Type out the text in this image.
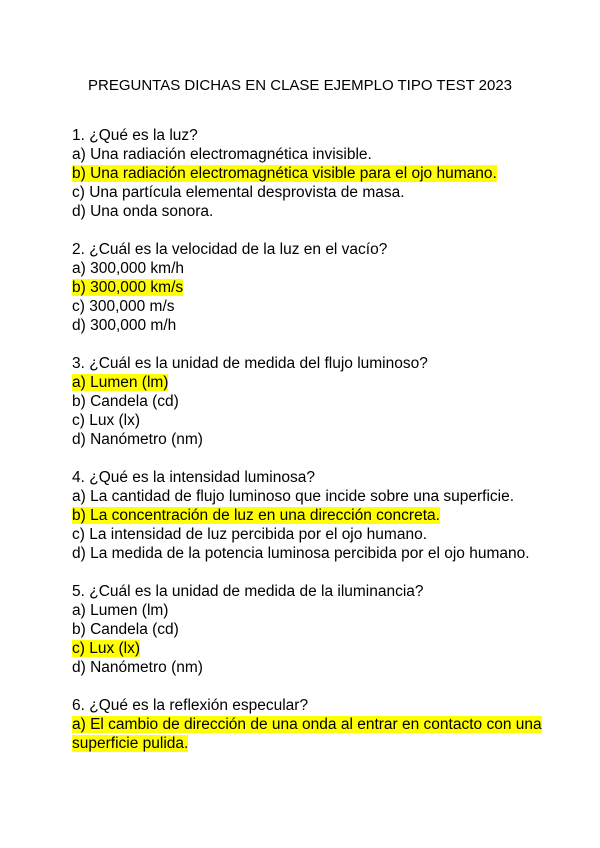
PREGUNTAS DICHAS EN CLASE EJEMPLO TIPO TEST 2023
1. ¿Qué es la luz?
a) Una radiación electromagnética invisible.
b) Una radiación electromagnética visible para el ojo humano.
c) Una partícula elemental desprovista de masa.
d) Una onda sonora.
2. ¿Cuál es la velocidad de la luz en el vacío?
a) 300,000 km/h
b) 300,000 km/s
c) 300,000 m/s
d) 300,000 m/h
3. ¿Cuál es la unidad de medida del flujo luminoso?
a) Lumen (lm)
b) Candela (cd)
c) Lux (lx)
d) Nanómetro (nm)
4. ¿Qué es la intensidad luminosa?
a) La cantidad de flujo luminoso que incide sobre una superficie.
b) La concentración de luz en una dirección concreta.
c) La intensidad de luz percibida por el ojo humano.
d) La medida de la potencia luminosa percibida por el ojo humano.
5. ¿Cuál es la unidad de medida de la iluminancia?
a) Lumen (lm)
b) Candela (cd)
c) Lux (lx)
d) Nanómetro (nm)
6. ¿Qué es la reflexión especular?
a) El cambio de dirección de una onda al entrar en contacto con una superficie pulida.
